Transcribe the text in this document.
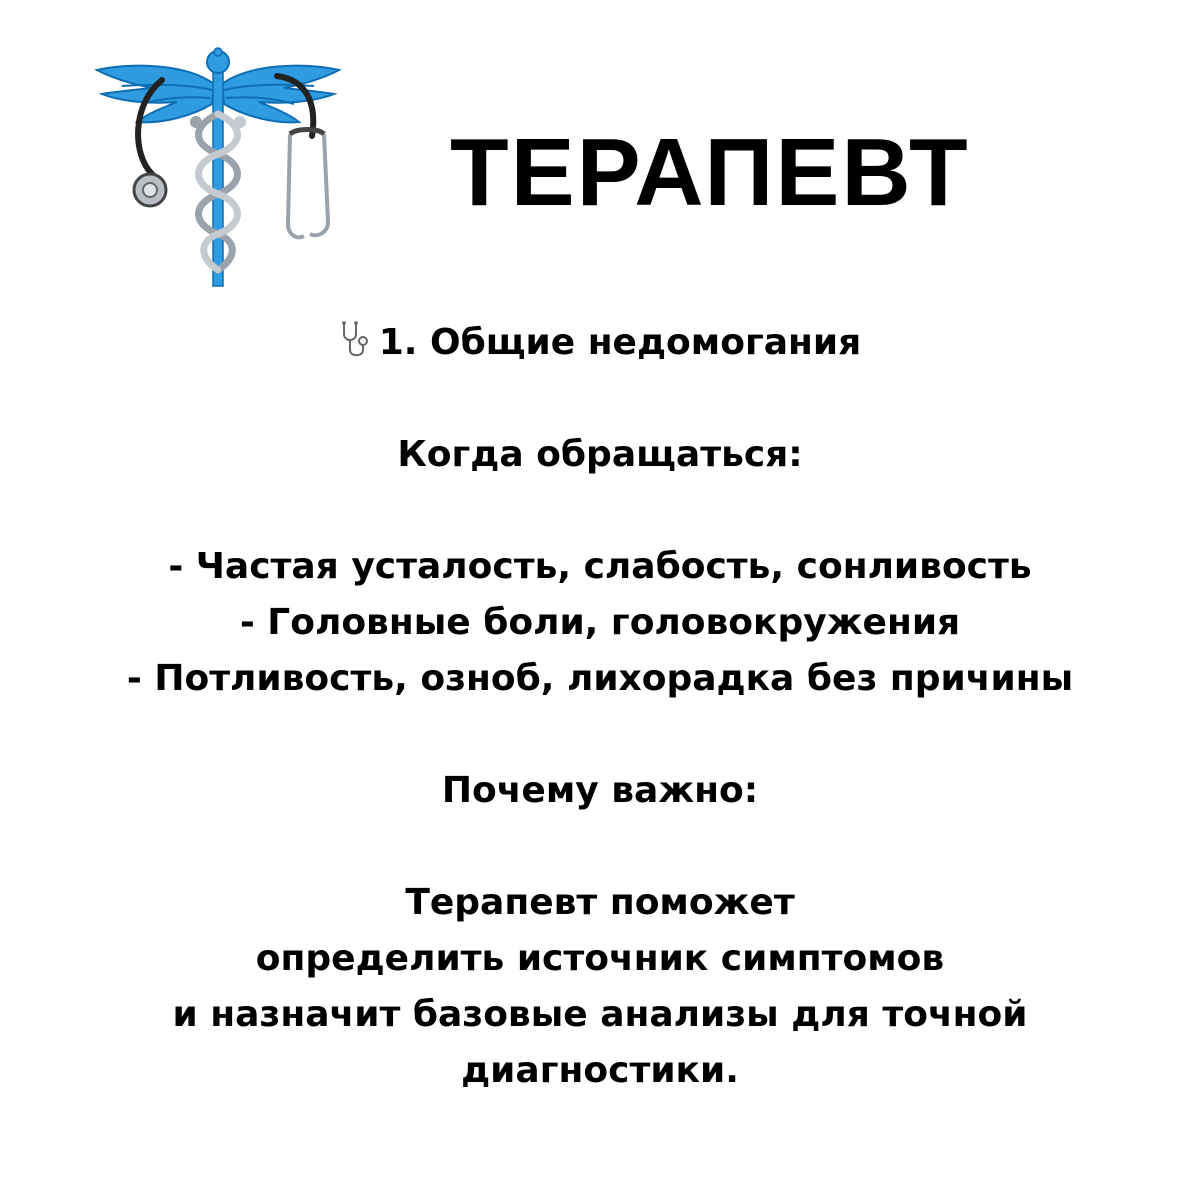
ТЕРАПЕВТ
1. Общие недомогания
Когда обращаться:
- Частая усталость, слабость, сонливость
- Головные боли, головокружения
- Потливость, озноб, лихорадка без причины
Почему важно:
Терапевт поможет
определить источник симптомов
и назначит базовые анализы для точной
диагностики.
